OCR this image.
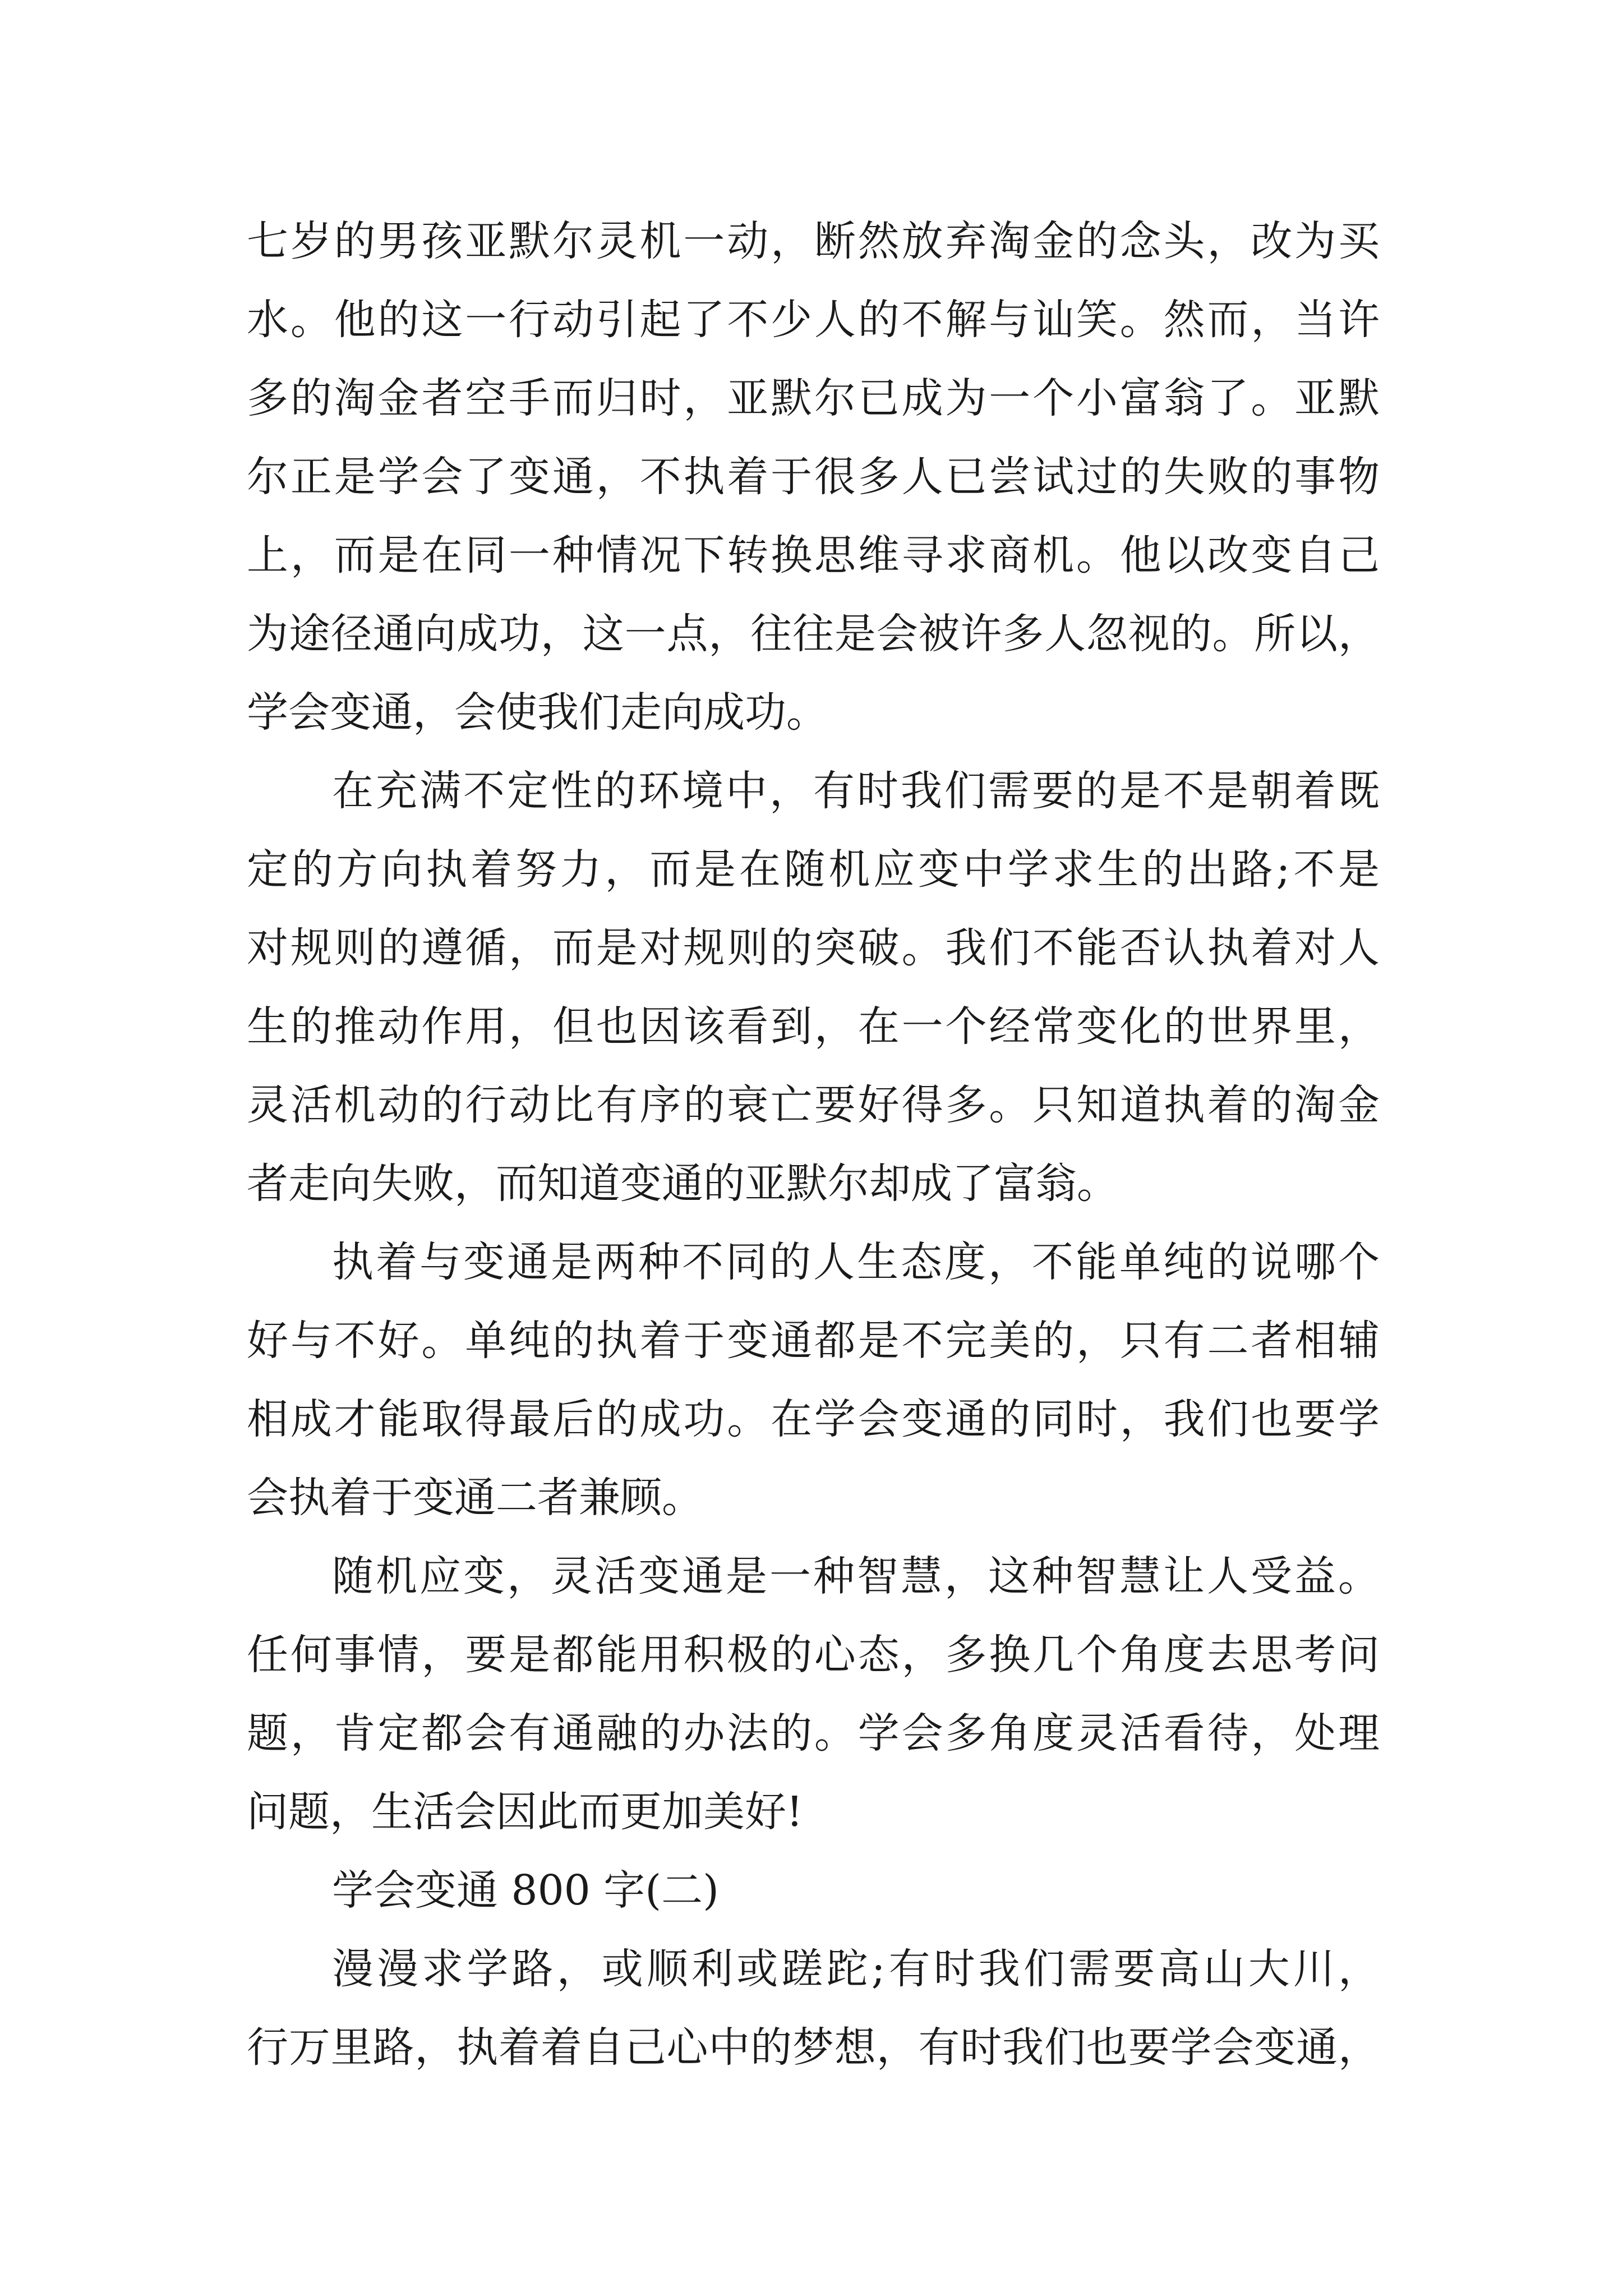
七岁的男孩亚默尔灵机一动，断然放弃淘金的念头，改为买
水。他的这一行动引起了不少人的不解与讪笑。然而，当许
多的淘金者空手而归时，亚默尔已成为一个小富翁了。亚默
尔正是学会了变通，不执着于很多人已尝试过的失败的事物
上，而是在同一种情况下转换思维寻求商机。他以改变自己
为途径通向成功，这一点，往往是会被许多人忽视的。所以，
学会变通，会使我们走向成功。
在充满不定性的环境中，有时我们需要的是不是朝着既
定的方向执着努力，而是在随机应变中学求生的出路;不是
对规则的遵循，而是对规则的突破。我们不能否认执着对人
生的推动作用，但也因该看到，在一个经常变化的世界里，
灵活机动的行动比有序的衰亡要好得多。只知道执着的淘金
者走向失败，而知道变通的亚默尔却成了富翁。
执着与变通是两种不同的人生态度，不能单纯的说哪个
好与不好。单纯的执着于变通都是不完美的，只有二者相辅
相成才能取得最后的成功。在学会变通的同时，我们也要学
会执着于变通二者兼顾。
随机应变，灵活变通是一种智慧，这种智慧让人受益。
任何事情，要是都能用积极的心态，多换几个角度去思考问
题，肯定都会有通融的办法的。学会多角度灵活看待，处理
问题，生活会因此而更加美好!
学会变通 800 字(二)
漫漫求学路，或顺利或蹉跎;有时我们需要高山大川，
行万里路，执着着自己心中的梦想，有时我们也要学会变通，
